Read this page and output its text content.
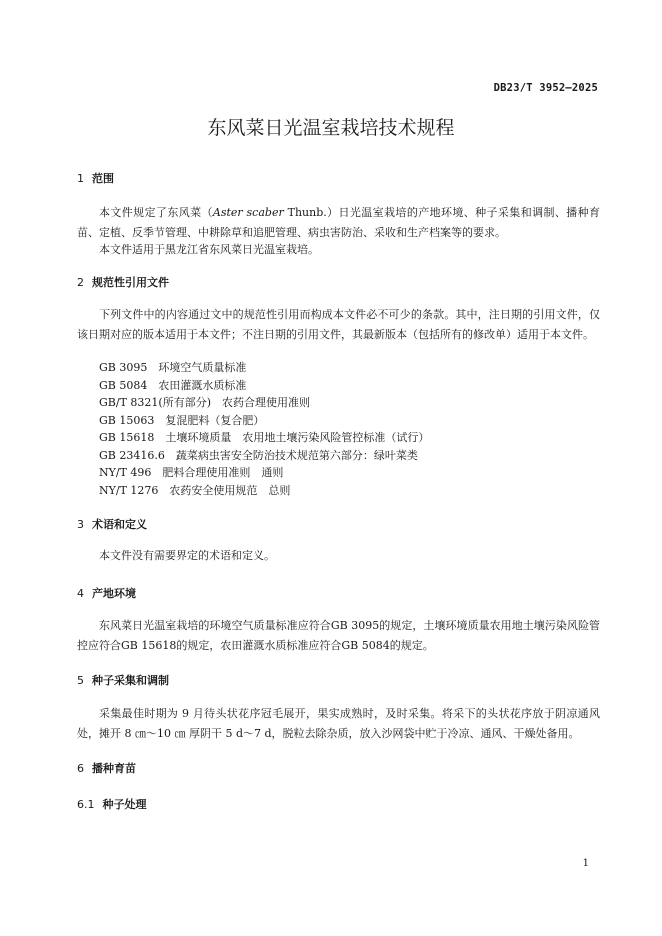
DB23/T 3952—2025
东风菜日光温室栽培技术规程
1 范围
本文件规定了东风菜（Aster scaber Thunb.）日光温室栽培的产地环境、种子采集和调制、播种育苗、定植、反季节管理、中耕除草和追肥管理、病虫害防治、采收和生产档案等的要求。
本文件适用于黑龙江省东风菜日光温室栽培。
2 规范性引用文件
下列文件中的内容通过文中的规范性引用而构成本文件必不可少的条款。其中，注日期的引用文件，仅该日期对应的版本适用于本文件；不注日期的引用文件，其最新版本（包括所有的修改单）适用于本文件。
GB 3095　环境空气质量标准
GB 5084　农田灌溉水质标准
GB/T 8321(所有部分)　农药合理使用准则
GB 15063　复混肥料（复合肥）
GB 15618　土壤环境质量　农用地土壤污染风险管控标准（试行）
GB 23416.6　蔬菜病虫害安全防治技术规范第六部分：绿叶菜类
NY/T 496　肥料合理使用准则　通则
NY/T 1276　农药安全使用规范　总则
3 术语和定义
本文件没有需要界定的术语和定义。
4 产地环境
东风菜日光温室栽培的环境空气质量标准应符合GB 3095的规定，土壤环境质量农用地土壤污染风险管控应符合GB 15618的规定，农田灌溉水质标准应符合GB 5084的规定。
5 种子采集和调制
采集最佳时期为 9 月待头状花序冠毛展开，果实成熟时，及时采集。将采下的头状花序放于阴凉通风处，摊开 8 ㎝～10 ㎝ 厚阴干 5 d～7 d，脱粒去除杂质，放入沙网袋中贮于冷凉、通风、干燥处备用。
6 播种育苗
6.1 种子处理
1
